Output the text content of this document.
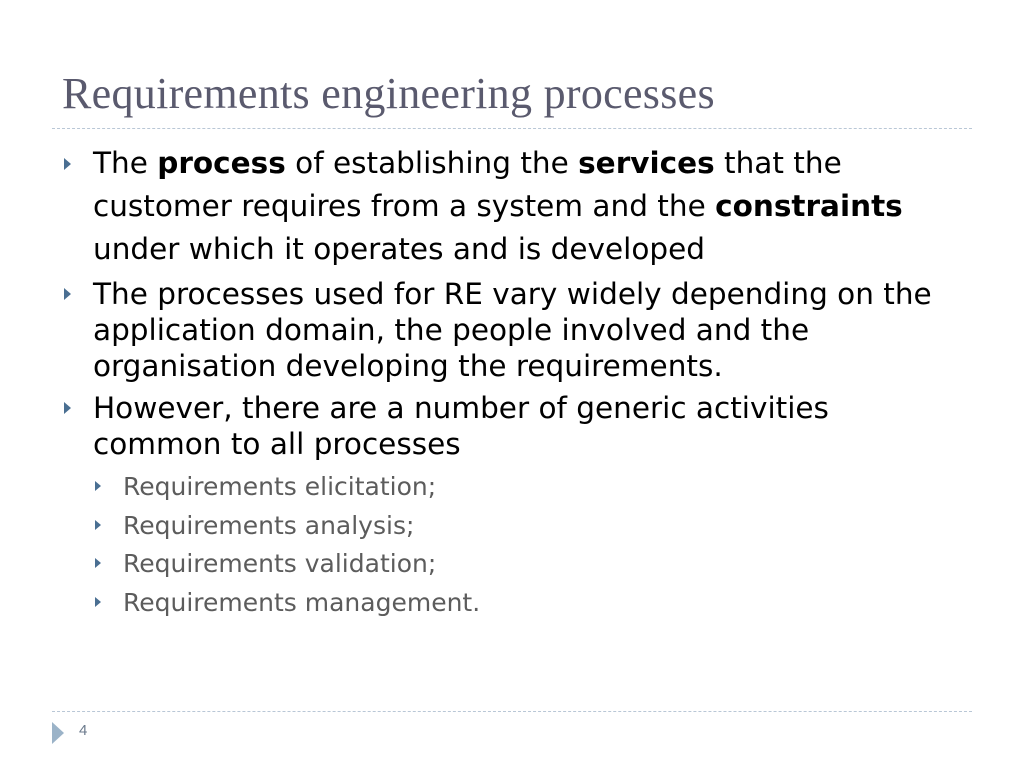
Requirements engineering processes
The process of establishing the services that the customer requires from a system and the constraints under which it operates and is developed
The processes used for RE vary widely depending on the application domain, the people involved and the organisation developing the requirements.
However, there are a number of generic activities common to all processes
Requirements elicitation;
Requirements analysis;
Requirements validation;
Requirements management.
4
